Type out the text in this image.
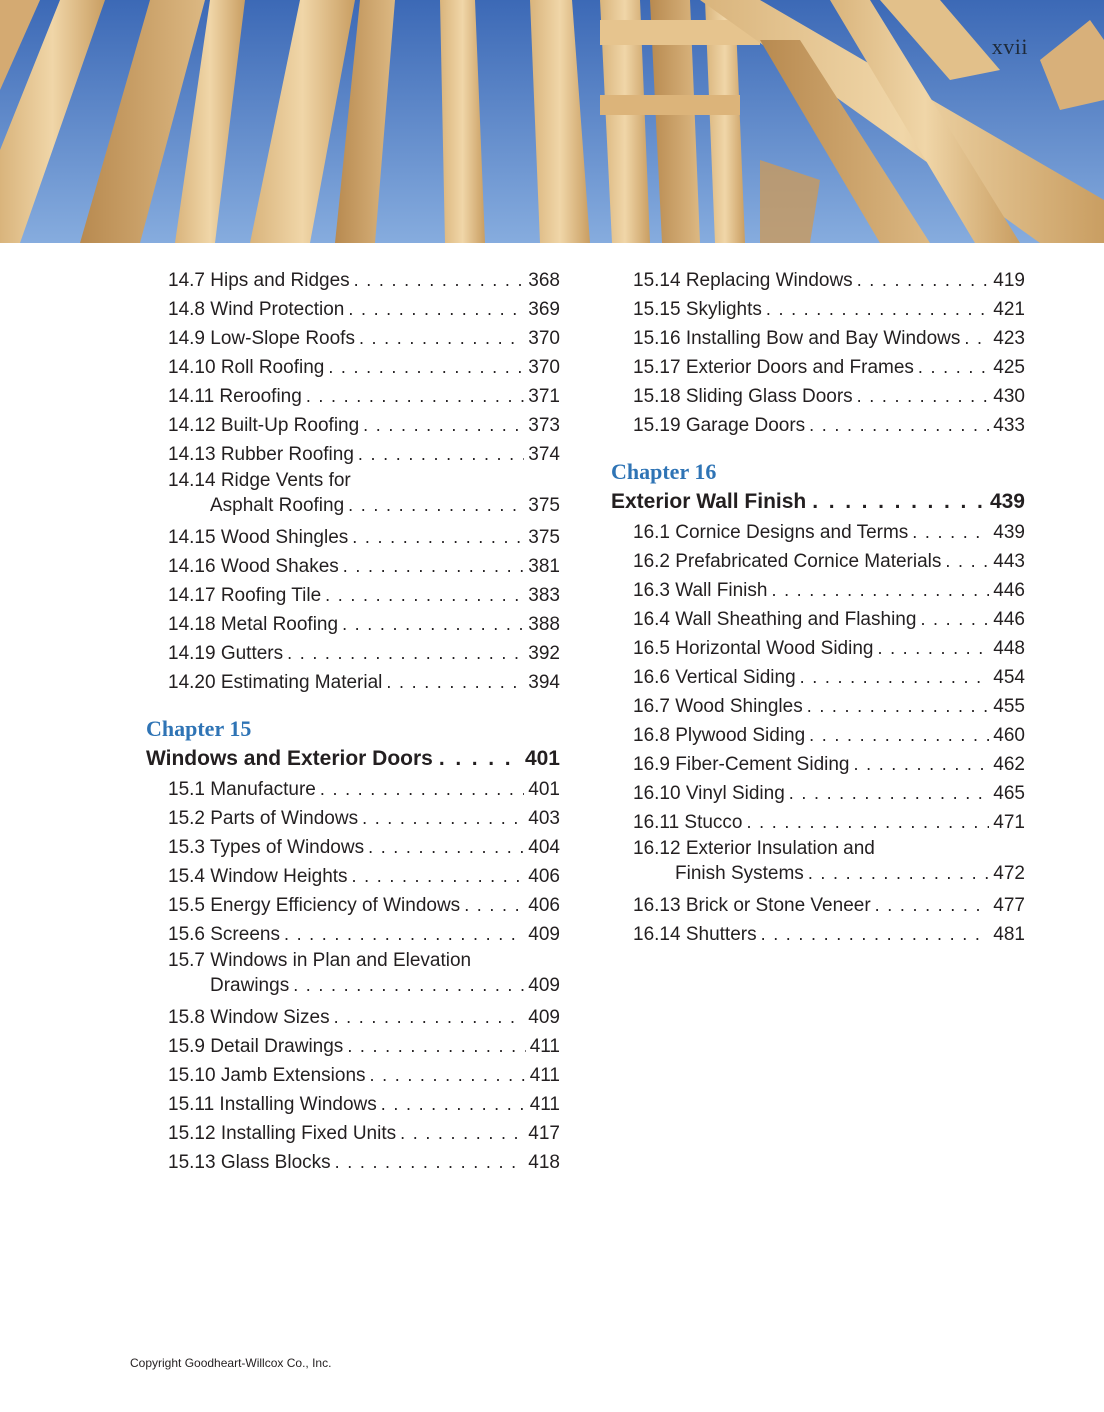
xvii
14.7 Hips and Ridges . . .	368
14.8 Wind Protection . . .	369
14.9 Low-Slope Roofs . . .	370
14.10 Roll Roofing . . .	370
14.11 Reroofing . . .	371
14.12 Built-Up Roofing . . .	373
14.13 Rubber Roofing . . .	374
14.14 Ridge Vents for
Asphalt Roofing . . .	375
14.15 Wood Shingles . . .	375
14.16 Wood Shakes . . .	381
14.17 Roofing Tile . . .	383
14.18 Metal Roofing . . .	388
14.19 Gutters . . .	392
14.20 Estimating Material . . .	394
Chapter 15
Windows and Exterior Doors . . .	401
15.1 Manufacture . . .	401
15.2 Parts of Windows . . .	403
15.3 Types of Windows . . .	404
15.4 Window Heights . . .	406
15.5 Energy Efficiency of Windows . . .	406
15.6 Screens . . .	409
15.7 Windows in Plan and Elevation
Drawings . . .	409
15.8 Window Sizes . . .	409
15.9 Detail Drawings . . .	411
15.10 Jamb Extensions . . .	411
15.11 Installing Windows . . .	411
15.12 Installing Fixed Units . . .	417
15.13 Glass Blocks . . .	418
15.14 Replacing Windows . . .	419
15.15 Skylights . . .	421
15.16 Installing Bow and Bay Windows . . . 423
15.17 Exterior Doors and Frames . . .	425
15.18 Sliding Glass Doors . . .	430
15.19 Garage Doors . . .	433
Chapter 16
Exterior Wall Finish . . .	439
16.1 Cornice Designs and Terms . . .	439
16.2 Prefabricated Cornice Materials . . .	443
16.3 Wall Finish . . .	446
16.4 Wall Sheathing and Flashing . . .	446
16.5 Horizontal Wood Siding . . .	448
16.6 Vertical Siding . . .	454
16.7 Wood Shingles . . .	455
16.8 Plywood Siding . . .	460
16.9 Fiber-Cement Siding . . .	462
16.10 Vinyl Siding . . .	465
16.11 Stucco . . .	471
16.12 Exterior Insulation and
Finish Systems . . .	472
16.13 Brick or Stone Veneer . . .	477
16.14 Shutters . . .	481
Copyright Goodheart-Willcox Co., Inc.
